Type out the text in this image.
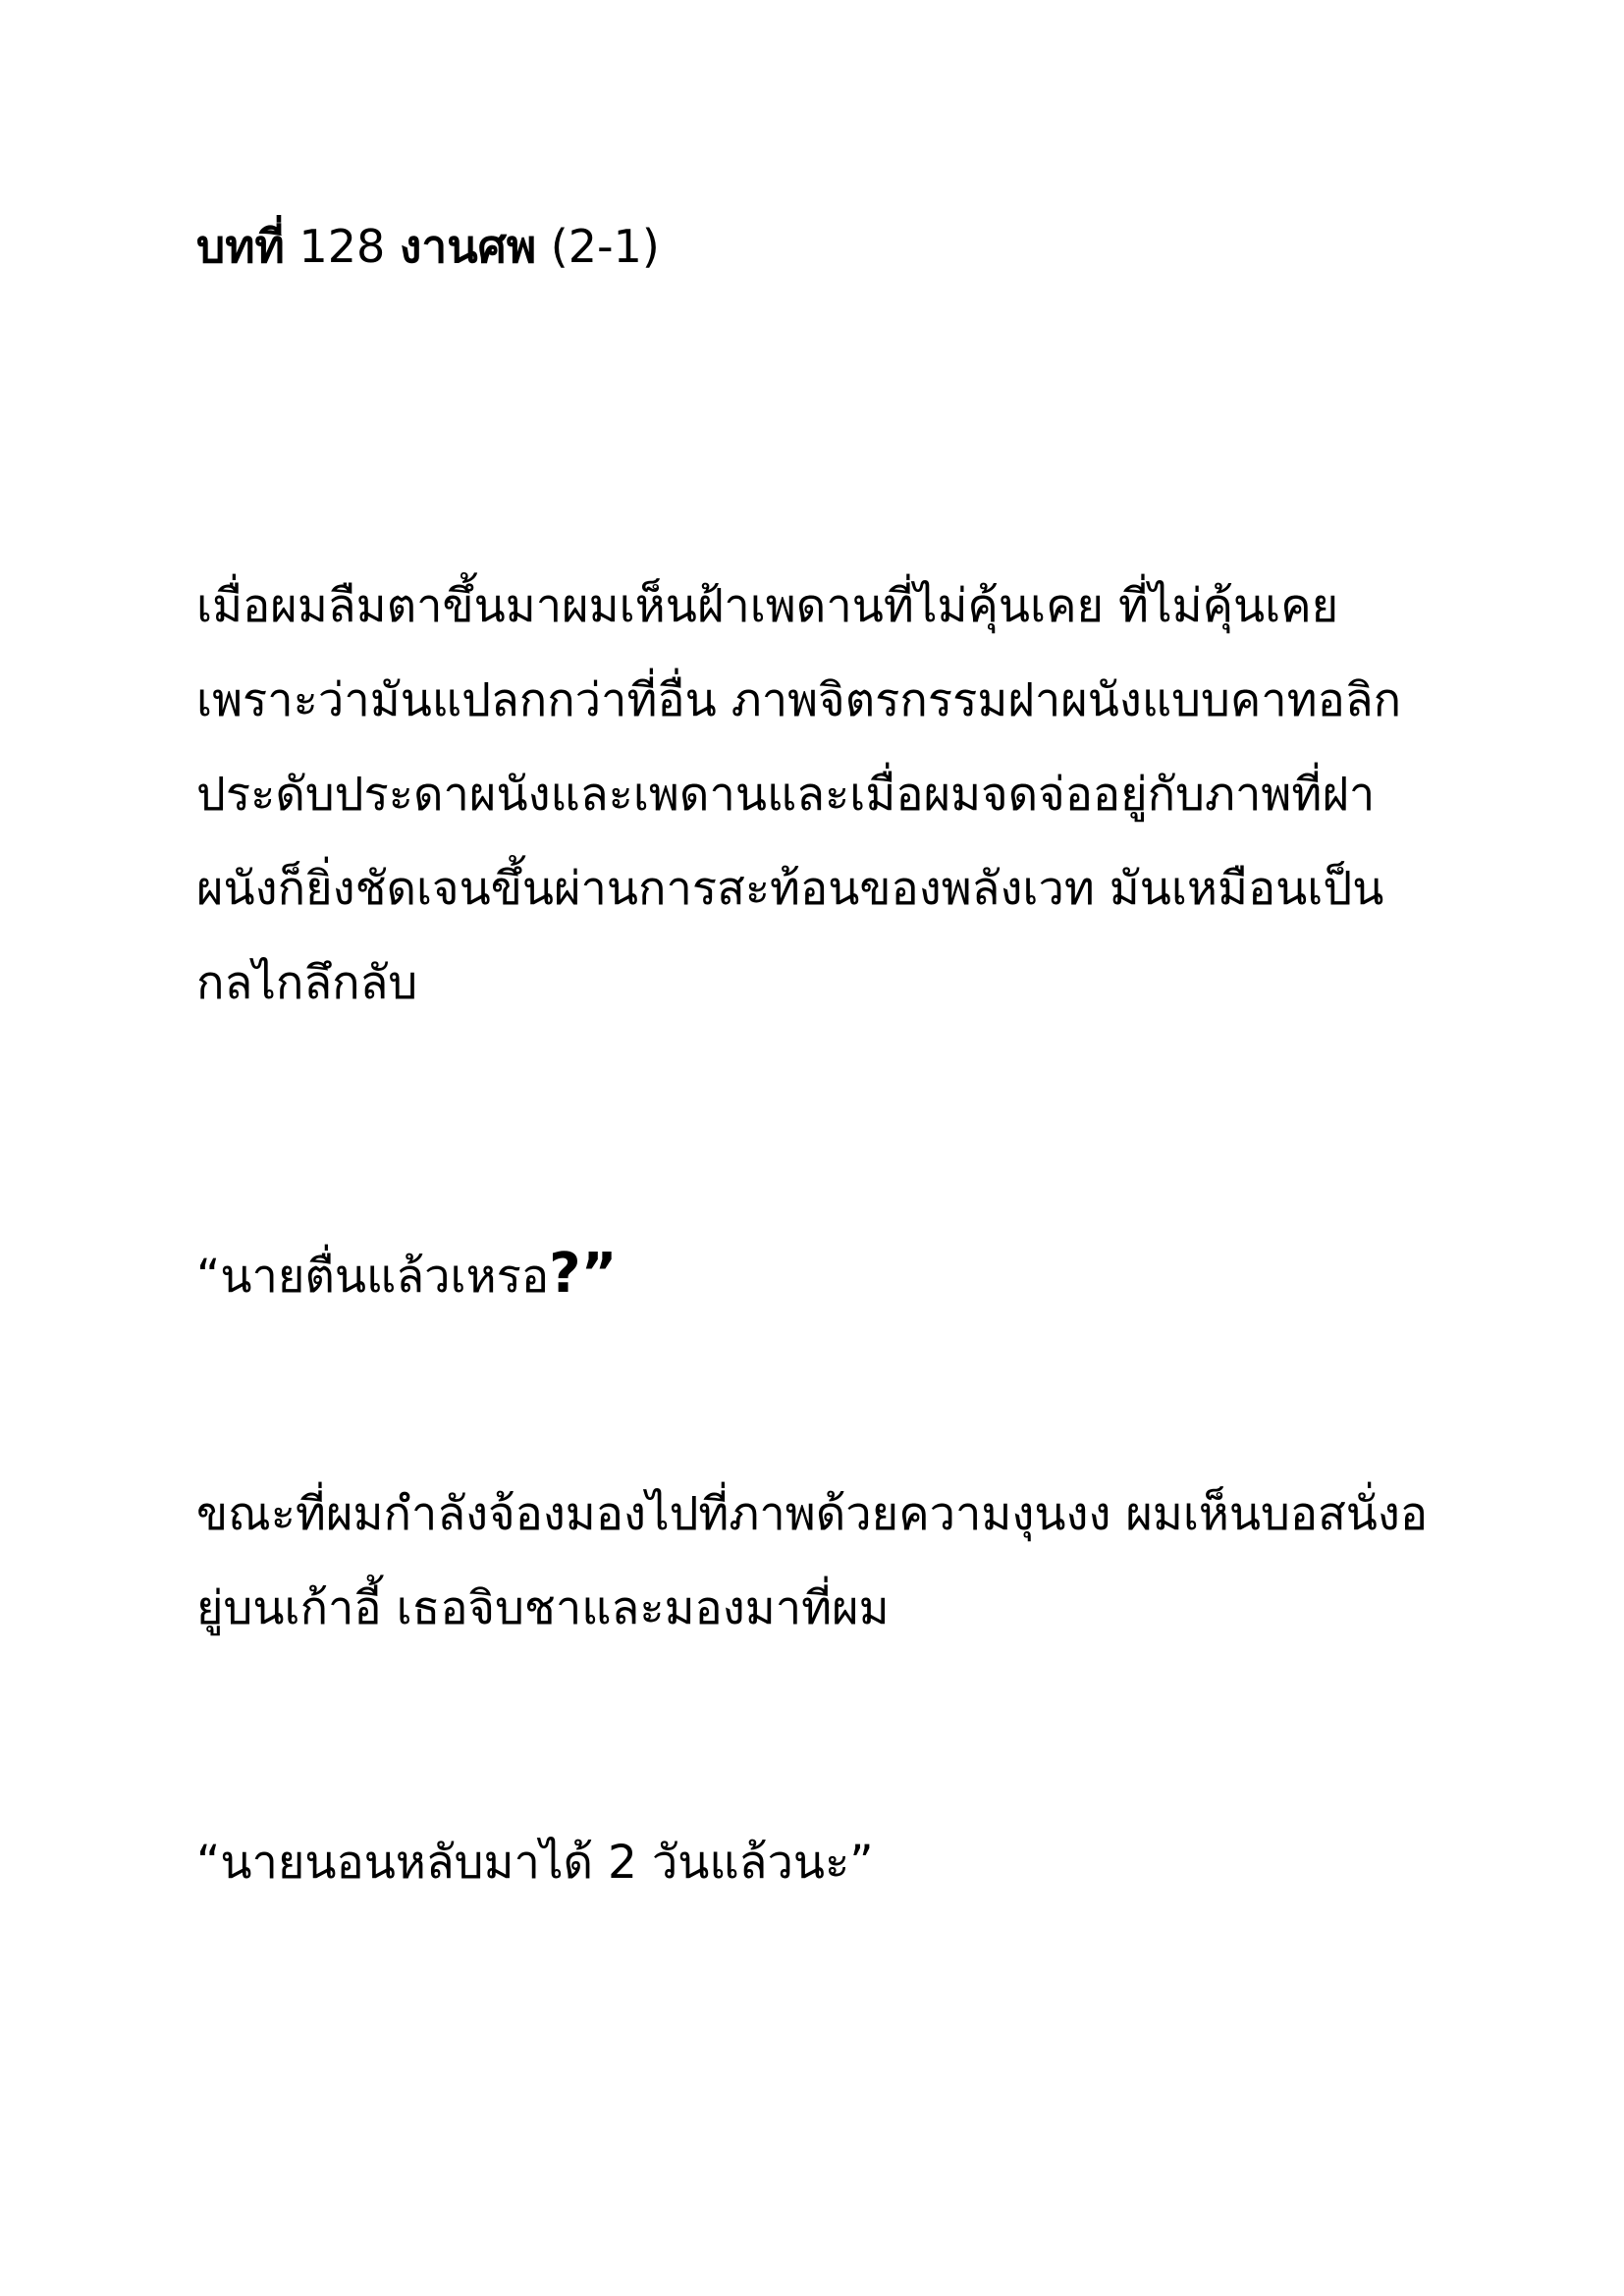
บทที่ 128 งานศพ (2-1)
เมื่อผมลืมตาขึ้นมาผมเห็นฝ้าเพดานที่ไม่คุ้นเคย ที่ไม่คุ้นเคย
เพราะว่ามันแปลกกว่าที่อื่น ภาพจิตรกรรมฝาผนังแบบคาทอลิก
ประดับประดาผนังและเพดานและเมื่อผมจดจ่ออยู่กับภาพที่ฝา
ผนังก็ยิ่งชัดเจนขึ้นผ่านการสะท้อนของพลังเวท มันเหมือนเป็น
กลไกลึกลับ
“นายตื่นแล้วเหรอ?”
ขณะที่ผมกำลังจ้องมองไปที่ภาพด้วยความงุนงง ผมเห็นบอสนั่งอ
ยู่บนเก้าอี้ เธอจิบชาและมองมาที่ผม
“นายนอนหลับมาได้ 2 วันแล้วนะ”
